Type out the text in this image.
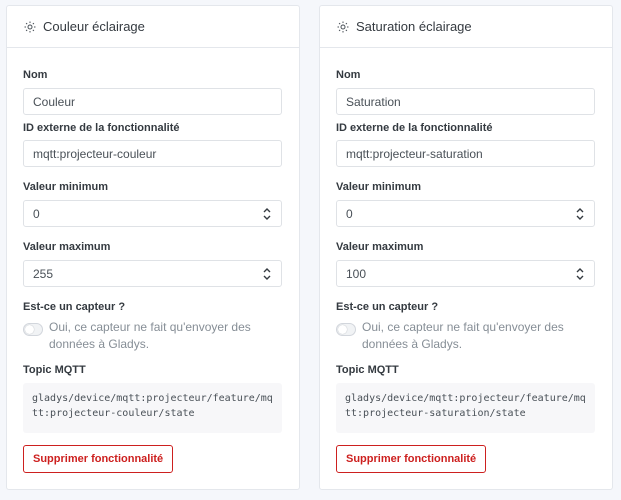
Couleur éclairage
Nom
Couleur
ID externe de la fonctionnalité
mqtt:projecteur-couleur
Valeur minimum
0
Valeur maximum
255
Est-ce un capteur ?
Oui, ce capteur ne fait qu'envoyer des données à Gladys.
Topic MQTT
gladys/device/mqtt:projecteur/feature/mqtt:projecteur-couleur/state
Supprimer fonctionnalité
Saturation éclairage
Nom
Saturation
ID externe de la fonctionnalité
mqtt:projecteur-saturation
Valeur minimum
0
Valeur maximum
100
Est-ce un capteur ?
Oui, ce capteur ne fait qu'envoyer des données à Gladys.
Topic MQTT
gladys/device/mqtt:projecteur/feature/mqtt:projecteur-saturation/state
Supprimer fonctionnalité
